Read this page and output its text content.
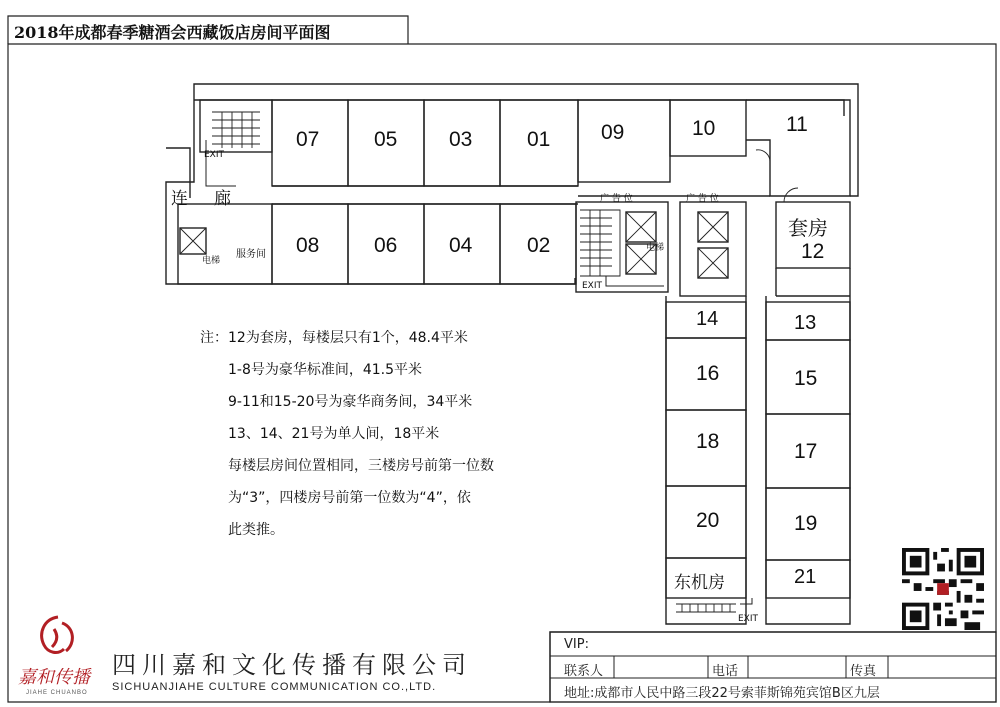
2018年成都春季糖酒会西藏饭店房间平面图
07	05 03	01 09	10	11
08	06 04	02
套房
12
14
16
18
20
东机房
13
15
17
19
21
EXIT
EXIT
EXIT
连 廊
服务间
电梯
电梯
广 告 位	广 告 位
注：12为套房，每楼层只有1个，48.4平米
1-8号为豪华标准间，41.5平米
9-11和15-20号为豪华商务间，34平米
13、14、21号为单人间，18平米
每楼层房间位置相同，三楼房号前第一位数
为“3”，四楼房号前第一位数为“4”，依
此类推。
嘉和传播
JIAHE CHUANBO
四川嘉和文化传播有限公司
SICHUANJIAHE CULTURE COMMUNICATION CO.,LTD.
VIP:
联系人	电话	传真
地址:成都市人民中路三段22号索菲斯锦苑宾馆B区九层
